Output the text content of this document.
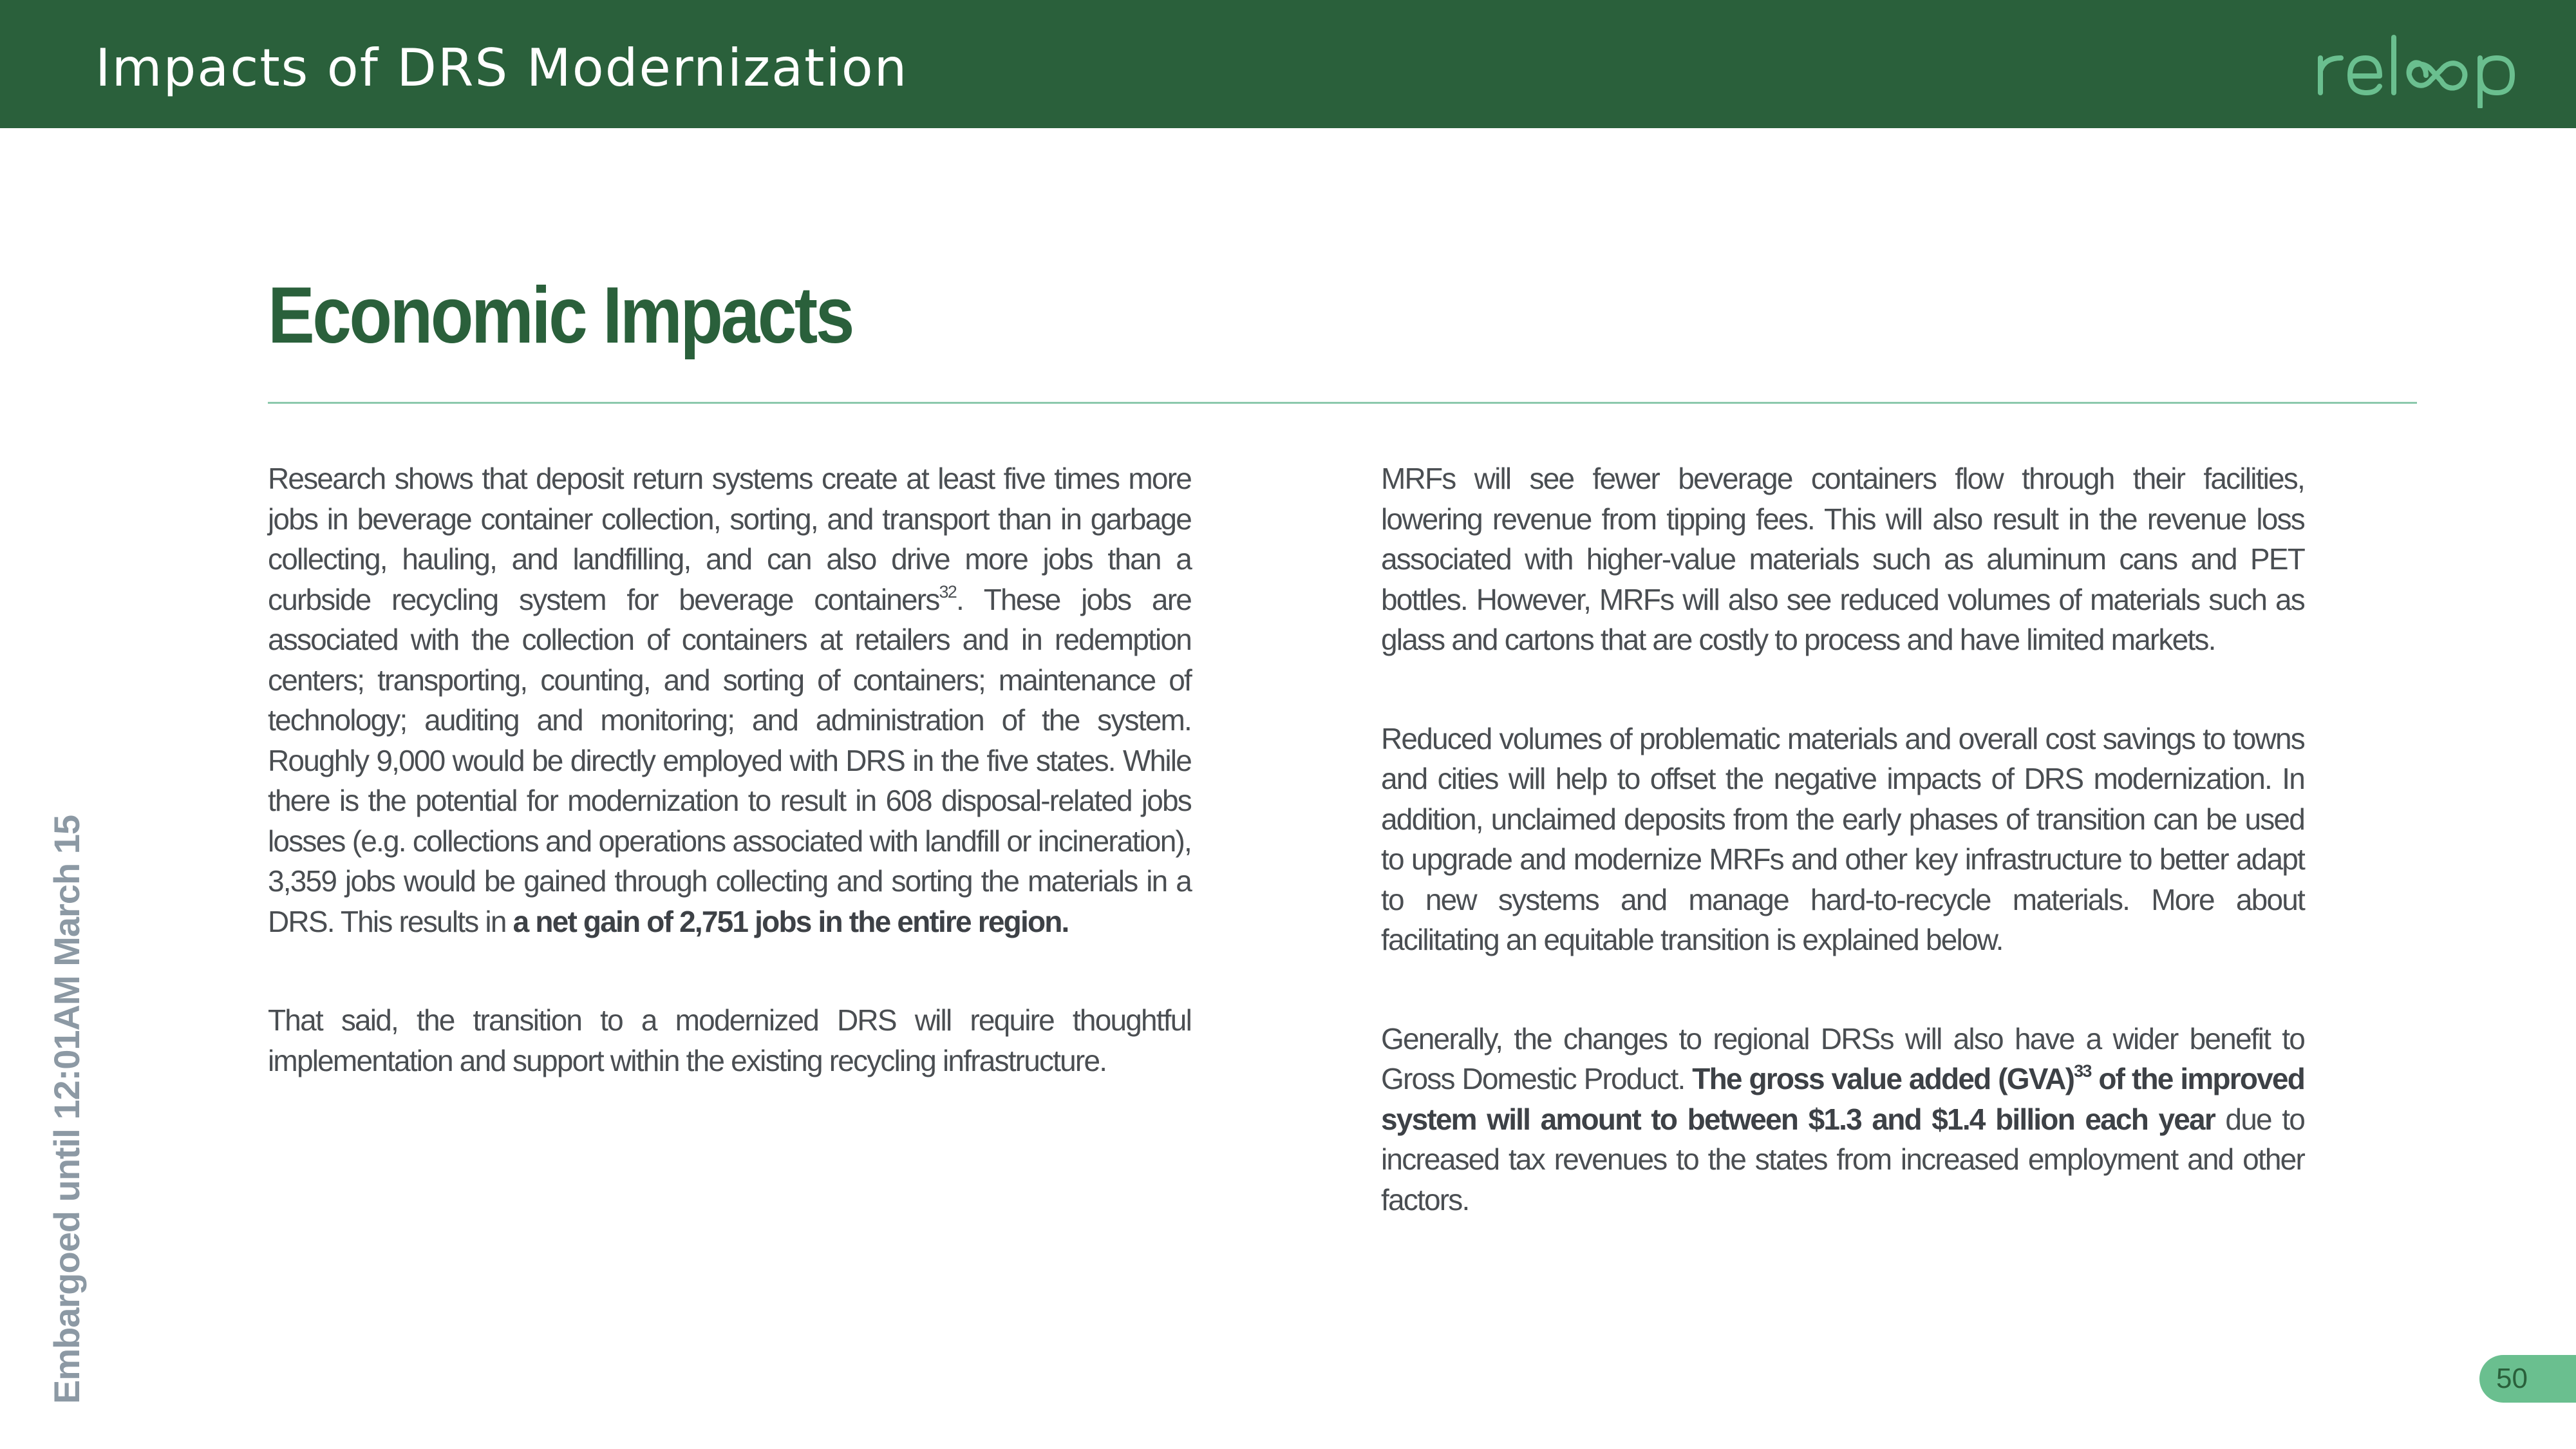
Impacts of DRS Modernization
Economic Impacts

Research shows that deposit return systems create at least five times more jobs in beverage container collection, sorting, and transport than in garbage collecting, hauling, and landfilling, and can also drive more jobs than a curbside recycling system for beverage containers$^{32}$. These jobs are associated with the collection of containers at retailers and in redemption centers; transporting, counting, and sorting of containers; maintenance of technology; auditing and monitoring; and administration of the system. Roughly 9,000 would be directly employed with DRS in the five states. While there is the potential for modernization to result in 608 disposal-related jobs losses (e.g. collections and operations associated with landfill or incineration), 3,359 jobs would be gained through collecting and sorting the materials in a DRS. This results in a net gain of 2,751 jobs in the entire region.

That said, the transition to a modernized DRS will require thoughtful implementation and support within the existing recycling infrastructure.

MRFs will see fewer beverage containers flow through their facilities, lowering revenue from tipping fees. This will also result in the revenue loss associated with higher-value materials such as aluminum cans and PET bottles. However, MRFs will also see reduced volumes of materials such as glass and cartons that are costly to process and have limited markets.

Reduced volumes of problematic materials and overall cost savings to towns and cities will help to offset the negative impacts of DRS modernization. In addition, unclaimed deposits from the early phases of transition can be used to upgrade and modernize MRFs and other key infrastructure to better adapt to new systems and manage hard-to-recycle materials. More about facilitating an equitable transition is explained below.

Generally, the changes to regional DRSs will also have a wider benefit to Gross Domestic Product. The gross value added (GVA)$^{33}$ of the improved system will amount to between $1.3 and $1.4 billion each year due to increased tax revenues to the states from increased employment and other factors.

Embargoed until 12:01AM March 15	50
